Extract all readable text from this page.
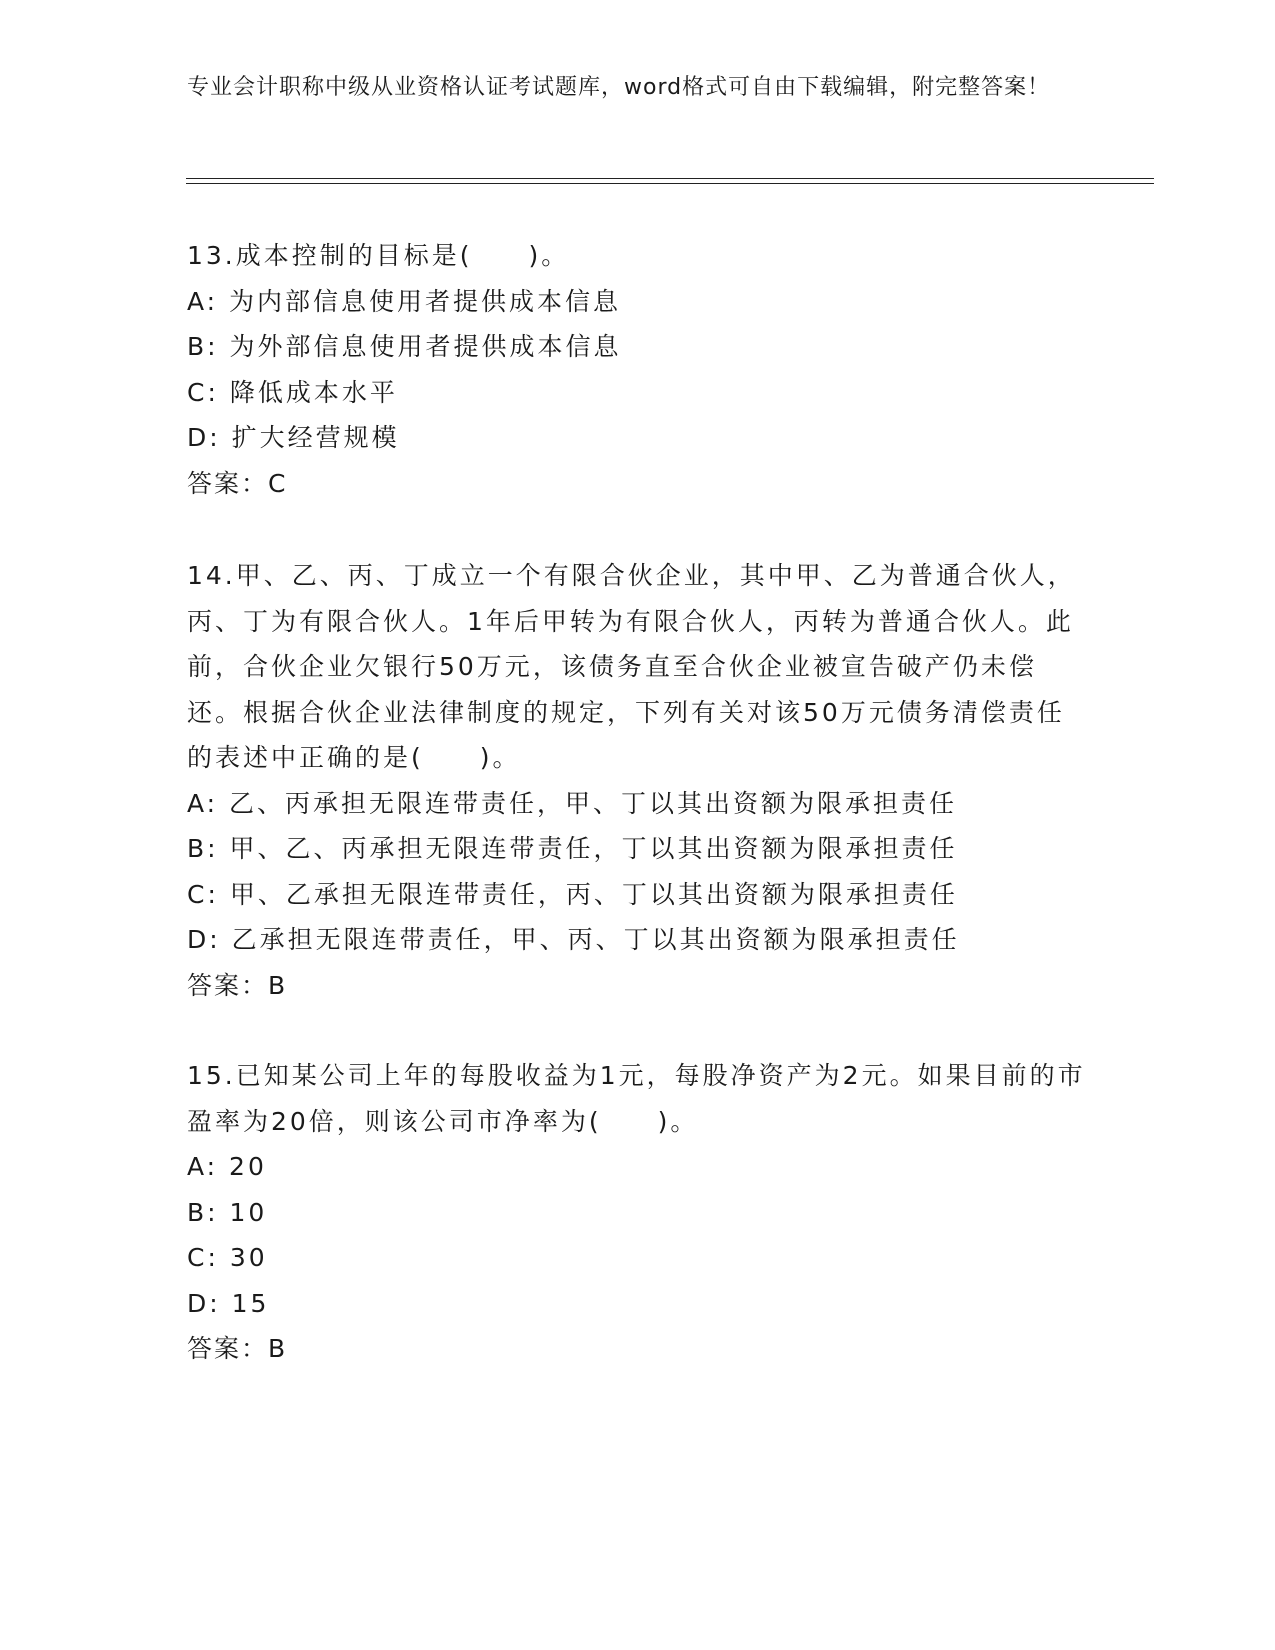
专业会计职称中级从业资格认证考试题库，word格式可自由下载编辑，附完整答案！

13.成本控制的目标是(　　)。

A: 为内部信息使用者提供成本信息

B: 为外部信息使用者提供成本信息

C: 降低成本水平

D: 扩大经营规模

答案：C

14.甲、乙、丙、丁成立一个有限合伙企业，其中甲、乙为普通合伙人，丙、丁为有限合伙人。1年后甲转为有限合伙人，丙转为普通合伙人。此前，合伙企业欠银行50万元，该债务直至合伙企业被宣告破产仍未偿还。根据合伙企业法律制度的规定，下列有关对该50万元债务清偿责任的表述中正确的是(　　)。

A: 乙、丙承担无限连带责任，甲、丁以其出资额为限承担责任

B: 甲、乙、丙承担无限连带责任，丁以其出资额为限承担责任

C: 甲、乙承担无限连带责任，丙、丁以其出资额为限承担责任

D: 乙承担无限连带责任，甲、丙、丁以其出资额为限承担责任

答案：B

15.已知某公司上年的每股收益为1元，每股净资产为2元。如果目前的市盈率为20倍，则该公司市净率为(　　)。

A: 20

B: 10

C: 30

D: 15

答案：B
